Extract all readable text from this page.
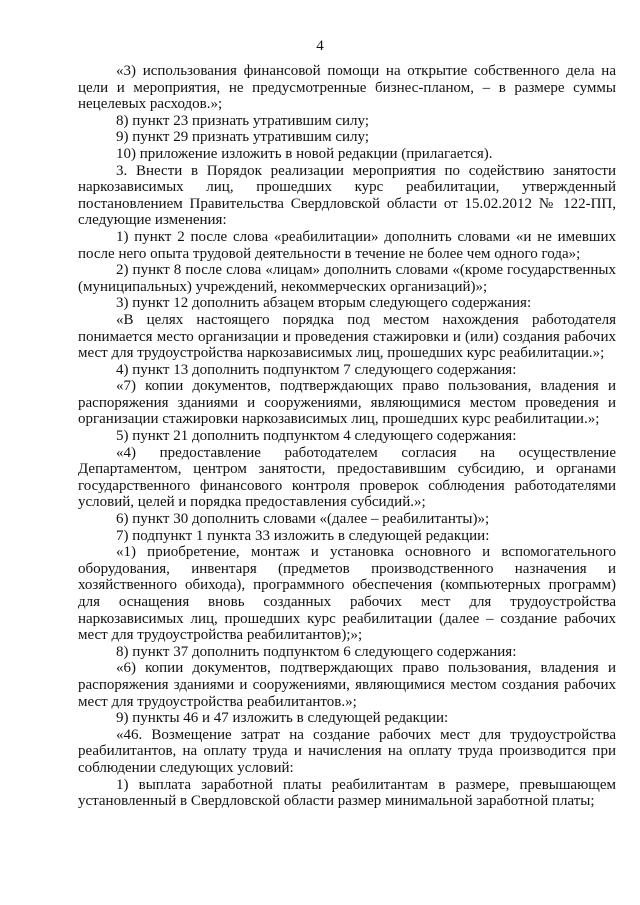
4

«3) использования финансовой помощи на открытие собственного дела на цели и мероприятия, не предусмотренные бизнес-планом, – в размере суммы нецелевых расходов.»;

8) пункт 23 признать утратившим силу;

9) пункт 29 признать утратившим силу;

10) приложение изложить в новой редакции (прилагается).

3. Внести в Порядок реализации мероприятия по содействию занятости наркозависимых лиц, прошедших курс реабилитации, утвержденный постановлением Правительства Свердловской области от 15.02.2012 № 122-ПП, следующие изменения:

1) пункт 2 после слова «реабилитации» дополнить словами «и не имевших после него опыта трудовой деятельности в течение не более чем одного года»;

2) пункт 8 после слова «лицам» дополнить словами «(кроме государственных (муниципальных) учреждений, некоммерческих организаций)»;

3) пункт 12 дополнить абзацем вторым следующего содержания:

«В целях настоящего порядка под местом нахождения работодателя понимается место организации и проведения стажировки и (или) создания рабочих мест для трудоустройства наркозависимых лиц, прошедших курс реабилитации.»;

4) пункт 13 дополнить подпунктом 7 следующего содержания:

«7) копии документов, подтверждающих право пользования, владения и распоряжения зданиями и сооружениями, являющимися местом проведения и организации стажировки наркозависимых лиц, прошедших курс реабилитации.»;

5) пункт 21 дополнить подпунктом 4 следующего содержания:

«4) предоставление работодателем согласия на осуществление Департаментом, центром занятости, предоставившим субсидию, и органами государственного финансового контроля проверок соблюдения работодателями условий, целей и порядка предоставления субсидий.»;

6) пункт 30 дополнить словами «(далее – реабилитанты)»;

7) подпункт 1 пункта 33 изложить в следующей редакции:

«1) приобретение, монтаж и установка основного и вспомогательного оборудования, инвентаря (предметов производственного назначения и хозяйственного обихода), программного обеспечения (компьютерных программ) для оснащения вновь созданных рабочих мест для трудоустройства наркозависимых лиц, прошедших курс реабилитации (далее – создание рабочих мест для трудоустройства реабилитантов);»;

8) пункт 37 дополнить подпунктом 6 следующего содержания:

«6) копии документов, подтверждающих право пользования, владения и распоряжения зданиями и сооружениями, являющимися местом создания рабочих мест для трудоустройства реабилитантов.»;

9) пункты 46 и 47 изложить в следующей редакции:

«46. Возмещение затрат на создание рабочих мест для трудоустройства реабилитантов, на оплату труда и начисления на оплату труда производится при соблюдении следующих условий:

1) выплата заработной платы реабилитантам в размере, превышающем установленный в Свердловской области размер минимальной заработной платы;
